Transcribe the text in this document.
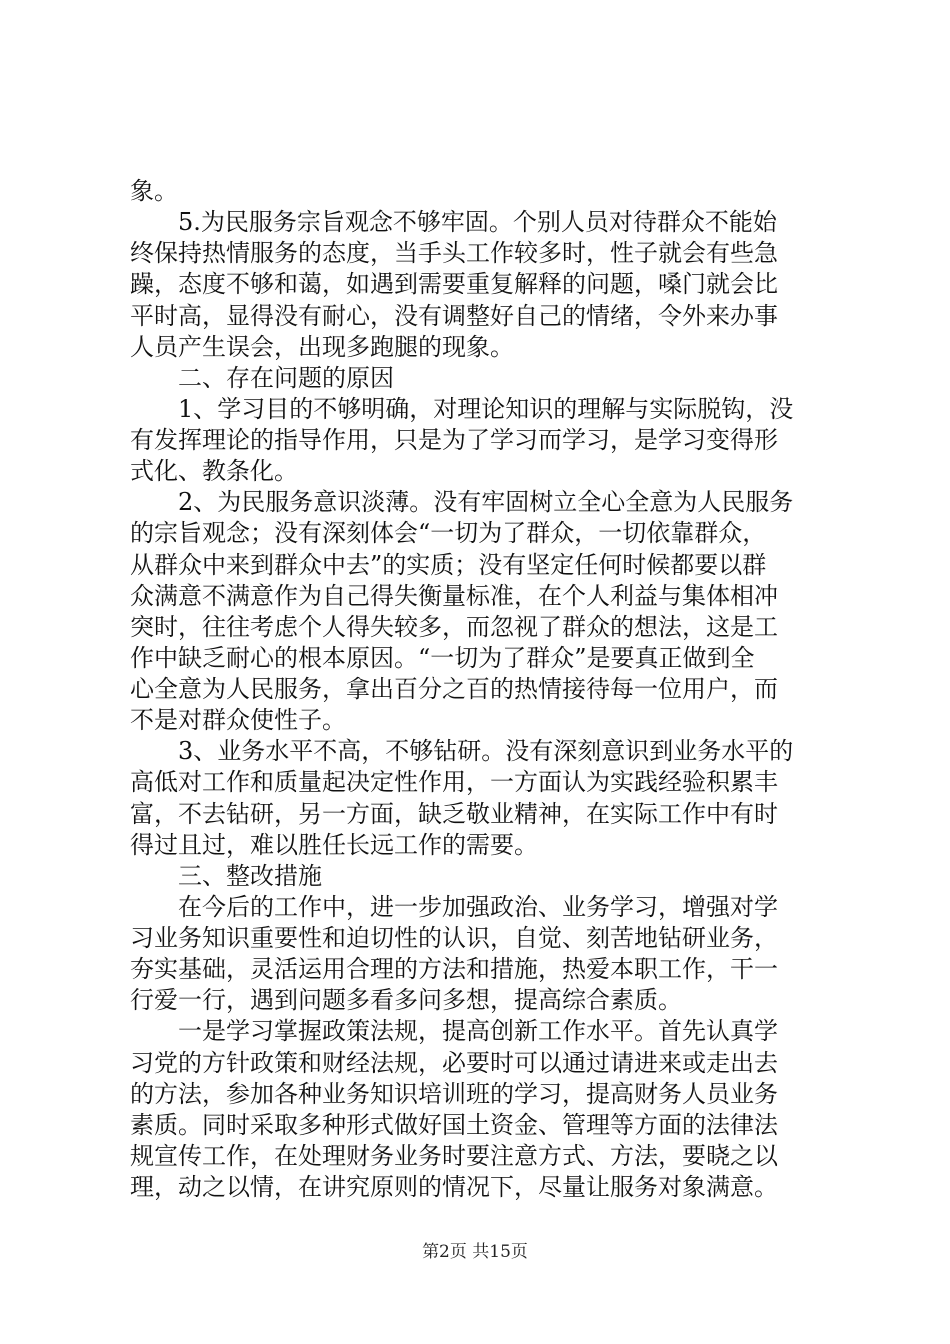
象。
5.为民服务宗旨观念不够牢固。个别人员对待群众不能始
终保持热情服务的态度，当手头工作较多时，性子就会有些急
躁，态度不够和蔼，如遇到需要重复解释的问题，嗓门就会比
平时高，显得没有耐心，没有调整好自己的情绪，令外来办事
人员产生误会，出现多跑腿的现象。
二、存在问题的原因
1、学习目的不够明确，对理论知识的理解与实际脱钩，没
有发挥理论的指导作用，只是为了学习而学习，是学习变得形
式化、教条化。
2、为民服务意识淡薄。没有牢固树立全心全意为人民服务
的宗旨观念；没有深刻体会“一切为了群众，一切依靠群众，
从群众中来到群众中去”的实质；没有坚定任何时候都要以群
众满意不满意作为自己得失衡量标准，在个人利益与集体相冲
突时，往往考虑个人得失较多，而忽视了群众的想法，这是工
作中缺乏耐心的根本原因。“一切为了群众”是要真正做到全
心全意为人民服务，拿出百分之百的热情接待每一位用户，而
不是对群众使性子。
3、业务水平不高，不够钻研。没有深刻意识到业务水平的
高低对工作和质量起决定性作用，一方面认为实践经验积累丰
富，不去钻研，另一方面，缺乏敬业精神，在实际工作中有时
得过且过，难以胜任长远工作的需要。
三、整改措施
在今后的工作中，进一步加强政治、业务学习，增强对学
习业务知识重要性和迫切性的认识，自觉、刻苦地钻研业务，
夯实基础，灵活运用合理的方法和措施，热爱本职工作，干一
行爱一行，遇到问题多看多问多想，提高综合素质。
一是学习掌握政策法规，提高创新工作水平。首先认真学
习党的方针政策和财经法规，必要时可以通过请进来或走出去
的方法，参加各种业务知识培训班的学习，提高财务人员业务
素质。同时采取多种形式做好国土资金、管理等方面的法律法
规宣传工作，在处理财务业务时要注意方式、方法，要晓之以
理，动之以情，在讲究原则的情况下，尽量让服务对象满意。
第2页 共15页
